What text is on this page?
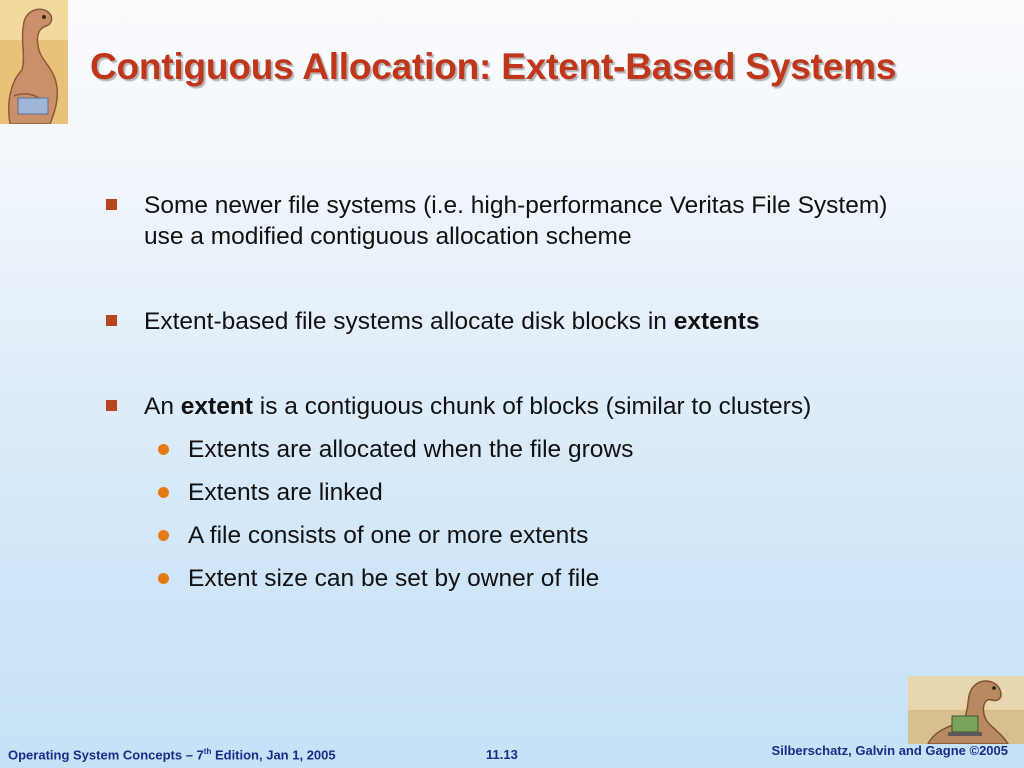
Contiguous Allocation: Extent-Based Systems
Some newer file systems (i.e. high-performance Veritas File System) use a modified contiguous allocation scheme
Extent-based file systems allocate disk blocks in extents
An extent is a contiguous chunk of blocks (similar to clusters)
Extents are allocated when the file grows
Extents are linked
A file consists of one or more extents
Extent size can be set by owner of file
Operating System Concepts – 7th Edition, Jan 1, 2005	11.13	Silberschatz, Galvin and Gagne ©2005
